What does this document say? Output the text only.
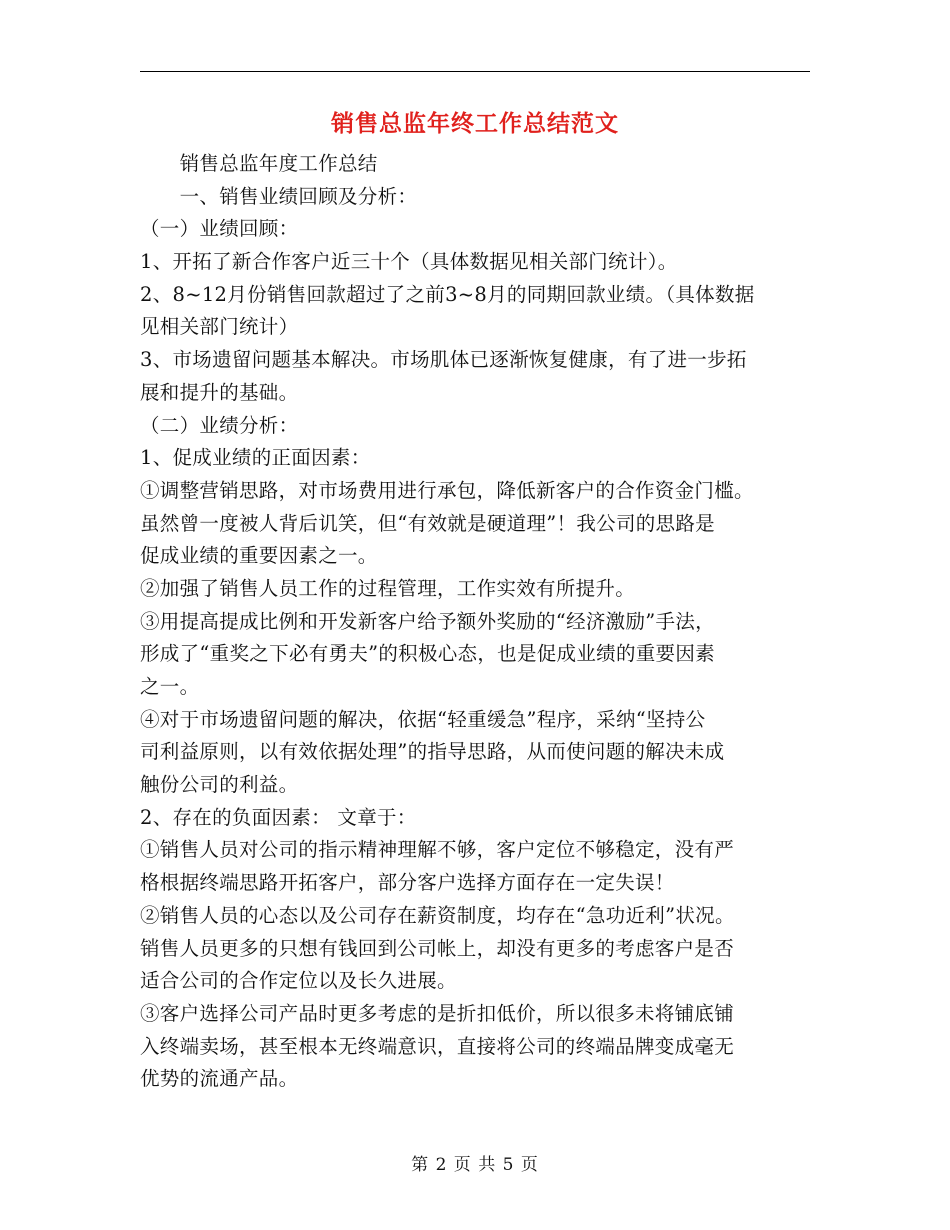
销售总监年终工作总结范文
　　销售总监年度工作总结
　　一、销售业绩回顾及分析：
（一）业绩回顾：
1、开拓了新合作客户近三十个（具体数据见相关部门统计）。
2、8~12月份销售回款超过了之前3~8月的同期回款业绩。（具体数据
见相关部门统计）
3、市场遗留问题基本解决。市场肌体已逐渐恢复健康，有了进一步拓
展和提升的基础。
（二）业绩分析：
1、促成业绩的正面因素：
①调整营销思路，对市场费用进行承包，降低新客户的合作资金门槛。
虽然曾一度被人背后讥笑，但“有效就是硬道理”！我公司的思路是
促成业绩的重要因素之一。
②加强了销售人员工作的过程管理，工作实效有所提升。
③用提高提成比例和开发新客户给予额外奖励的“经济激励”手法，
形成了“重奖之下必有勇夫”的积极心态，也是促成业绩的重要因素
之一。
④对于市场遗留问题的解决，依据“轻重缓急”程序，采纳“坚持公
司利益原则，以有效依据处理”的指导思路，从而使问题的解决未成
触份公司的利益。
2、存在的负面因素： 文章于：
①销售人员对公司的指示精神理解不够，客户定位不够稳定，没有严
格根据终端思路开拓客户，部分客户选择方面存在一定失误！
②销售人员的心态以及公司存在薪资制度，均存在“急功近利”状况。
销售人员更多的只想有钱回到公司帐上，却没有更多的考虑客户是否
适合公司的合作定位以及长久进展。
③客户选择公司产品时更多考虑的是折扣低价，所以很多未将铺底铺
入终端卖场，甚至根本无终端意识，直接将公司的终端品牌变成毫无
优势的流通产品。
第 2 页 共 5 页
